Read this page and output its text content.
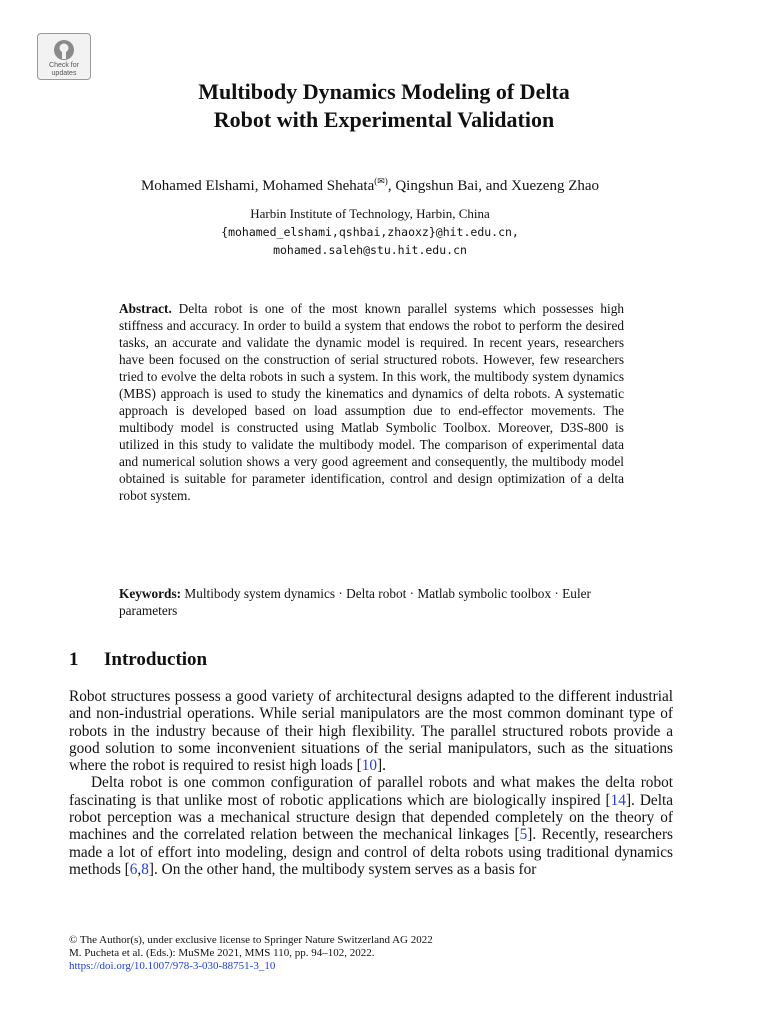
Check for
updates
Multibody Dynamics Modeling of Delta
Robot with Experimental Validation
Mohamed Elshami, Mohamed Shehata(✉), Qingshun Bai, and Xuezeng Zhao
Harbin Institute of Technology, Harbin, China
{mohamed_elshami,qshbai,zhaoxz}@hit.edu.cn,
mohamed.saleh@stu.hit.edu.cn
Abstract. Delta robot is one of the most known parallel systems which possesses high stiffness and accuracy. In order to build a system that endows the robot to perform the desired tasks, an accurate and validate the dynamic model is required. In recent years, researchers have been focused on the construction of serial structured robots. However, few researchers tried to evolve the delta robots in such a system. In this work, the multibody system dynamics (MBS) approach is used to study the kinematics and dynamics of delta robots. A systematic approach is developed based on load assumption due to end-effector movements. The multibody model is constructed using Matlab Symbolic Toolbox. Moreover, D3S-800 is utilized in this study to validate the multibody model. The comparison of experimental data and numerical solution shows a very good agreement and consequently, the multibody model obtained is suitable for parameter identification, control and design optimization of a delta robot system.
Keywords: Multibody system dynamics · Delta robot · Matlab symbolic toolbox · Euler parameters
1 Introduction

Robot structures possess a good variety of architectural designs adapted to the different industrial and non-industrial operations. While serial manipulators are the most common dominant type of robots in the industry because of their high flexibility. The parallel structured robots provide a good solution to some inconvenient situations of the serial manipulators, such as the situations where the robot is required to resist high loads [10].

Delta robot is one common configuration of parallel robots and what makes the delta robot fascinating is that unlike most of robotic applications which are biologically inspired [14]. Delta robot perception was a mechanical structure design that depended completely on the theory of machines and the correlated relation between the mechanical linkages [5]. Recently, researchers made a lot of effort into modeling, design and control of delta robots using traditional dynamics methods [6,8]. On the other hand, the multibody system serves as a basis for

© The Author(s), under exclusive license to Springer Nature Switzerland AG 2022
M. Pucheta et al. (Eds.): MuSMe 2021, MMS 110, pp. 94–102, 2022.
https://doi.org/10.1007/978-3-030-88751-3_10
